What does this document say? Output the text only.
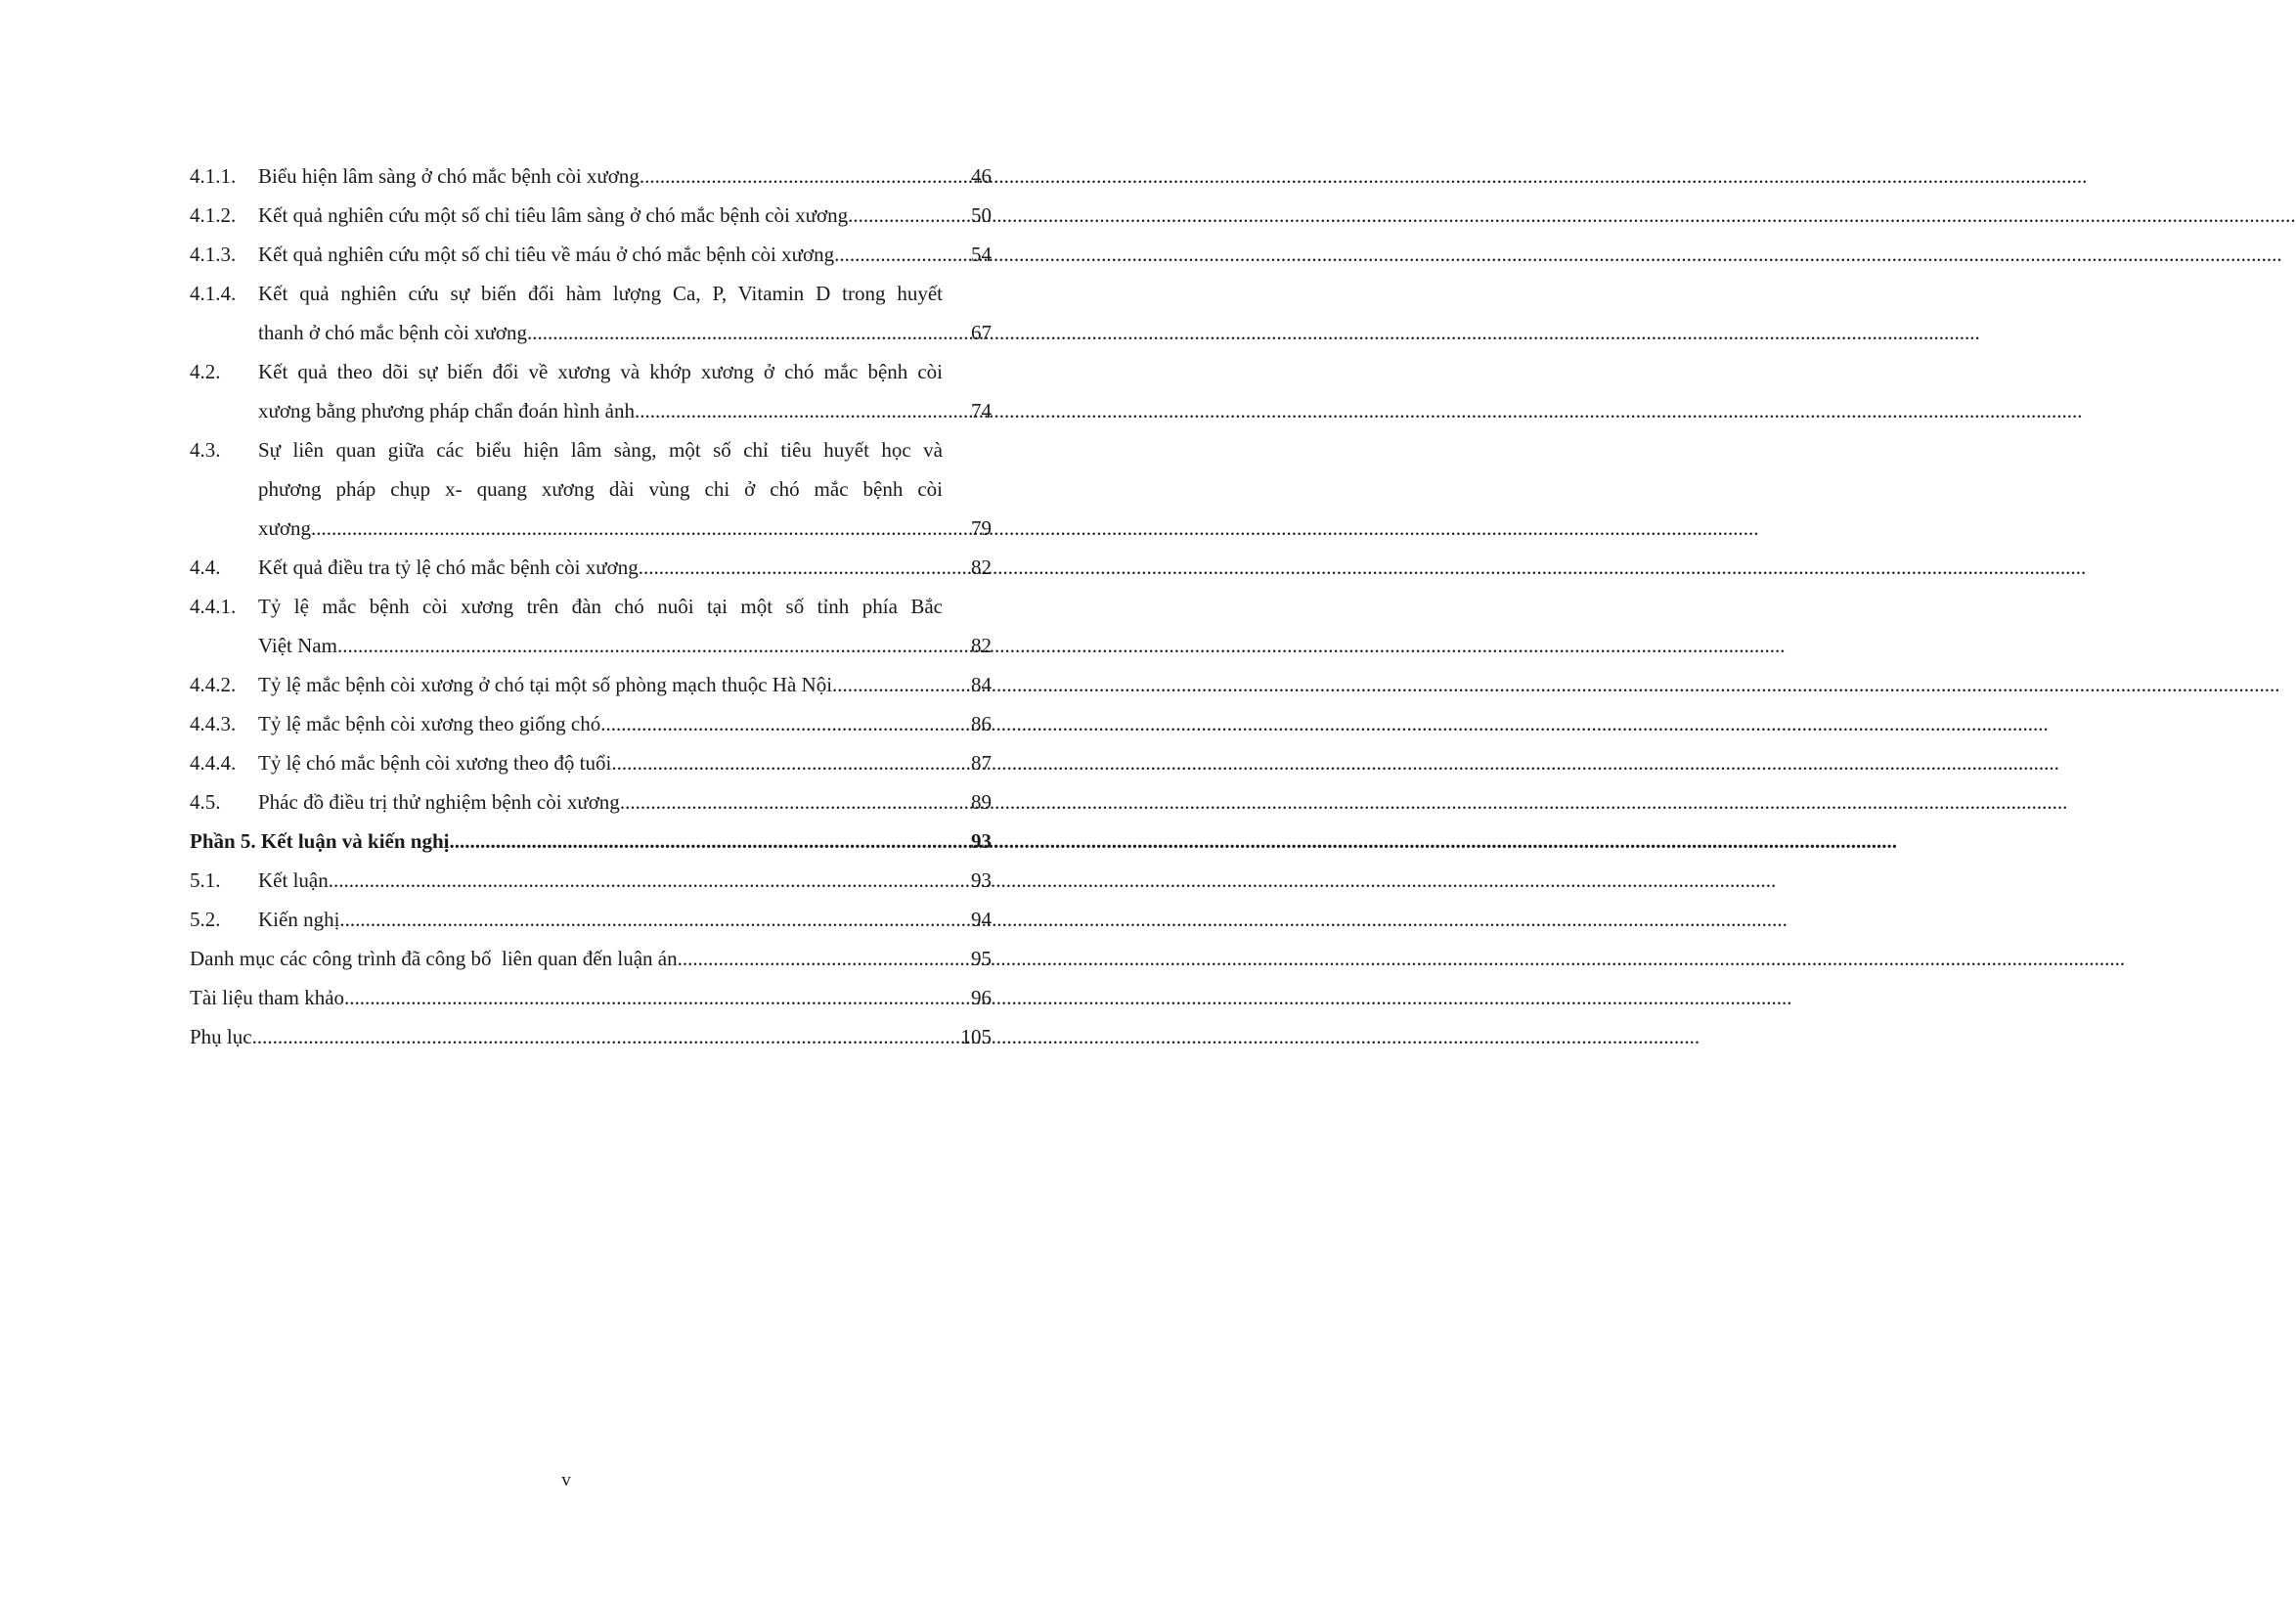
4.1.1.	Biểu hiện lâm sàng ở chó mắc bệnh còi xương .....	46
4.1.2.	Kết quả nghiên cứu một số chỉ tiêu lâm sàng ở chó mắc bệnh còi xương .....	50
4.1.3.	Kết quả nghiên cứu một số chỉ tiêu về máu ở chó mắc bệnh còi xương .....	54
4.1.4.	Kết quả nghiên cứu sự biến đổi hàm lượng Ca, P, Vitamin D trong huyết
thanh ở chó mắc bệnh còi xương. .....	67
4.2.	Kết quả theo dõi sự biến đổi về xương và khớp xương ở chó mắc bệnh còi
xương bằng phương pháp chẩn đoán hình ảnh .....	74
4.3.	Sự liên quan giữa các biểu hiện lâm sàng, một số chỉ tiêu huyết học và
phương pháp chụp x- quang xương dài vùng chi ở chó mắc bệnh còi
xương .....	79
4.4.	Kết quả điều tra tỷ lệ chó mắc bệnh còi xương .....	82
4.4.1.	Tỷ lệ mắc bệnh còi xương trên đàn chó nuôi tại một số tỉnh phía Bắc
Việt Nam .....	82
4.4.2.	Tỷ lệ mắc bệnh còi xương ở chó tại một số phòng mạch thuộc Hà Nội .....	84
4.4.3.	Tỷ lệ mắc bệnh còi xương theo giống chó .....	86
4.4.4.	Tỷ lệ chó mắc bệnh còi xương theo độ tuổi .....	87
4.5.	Phác đồ điều trị thử nghiệm bệnh còi xương .....	89
Phần 5. Kết luận và kiến nghị .....	93
5.1.	Kết luận .....	93
5.2.	Kiến nghị .....	94
Danh mục các công trình đã công bố  liên quan đến luận án .....	95
Tài liệu tham khảo .....	96
Phụ lục .....	105
v
